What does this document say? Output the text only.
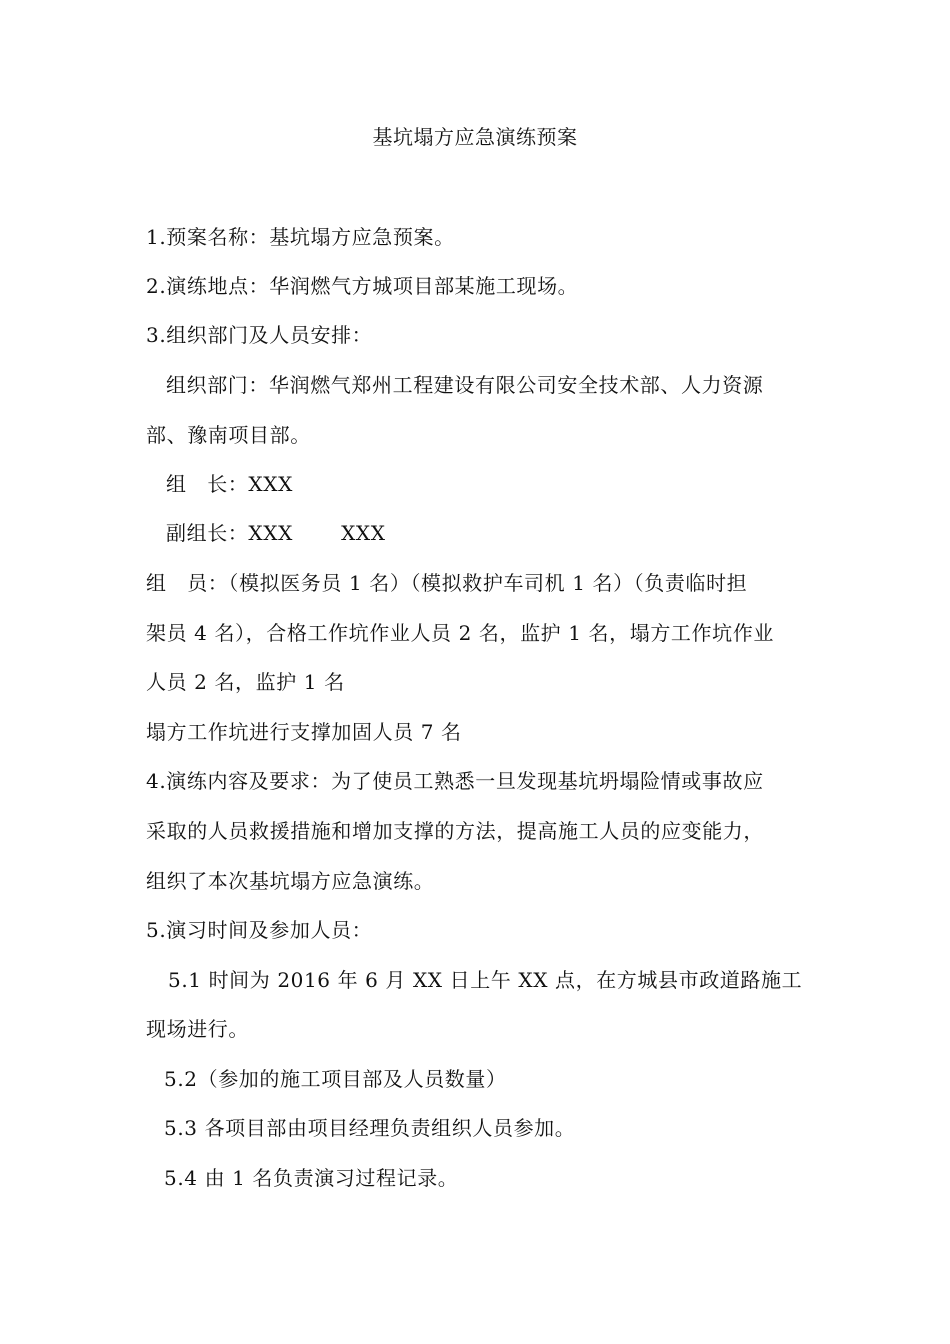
基坑塌方应急演练预案
1.预案名称：基坑塌方应急预案。
2.演练地点：华润燃气方城项目部某施工现场。
3.组织部门及人员安排：
组织部门：华润燃气郑州工程建设有限公司安全技术部、人力资源
部、豫南项目部。
组　长：XXX
副组长：XXX　　 XXX
组　员：（模拟医务员 1 名）（模拟救护车司机 1 名）（负责临时担
架员 4 名），合格工作坑作业人员 2 名，监护 1 名，塌方工作坑作业
人员 2 名，监护 1 名
塌方工作坑进行支撑加固人员 7 名
4.演练内容及要求：为了使员工熟悉一旦发现基坑坍塌险情或事故应
采取的人员救援措施和增加支撑的方法，提高施工人员的应变能力，
组织了本次基坑塌方应急演练。
5.演习时间及参加人员：
5.1 时间为 2016 年 6 月 XX 日上午 XX 点，在方城县市政道路施工
现场进行。
5.2（参加的施工项目部及人员数量）
5.3 各项目部由项目经理负责组织人员参加。
5.4 由 1 名负责演习过程记录。
